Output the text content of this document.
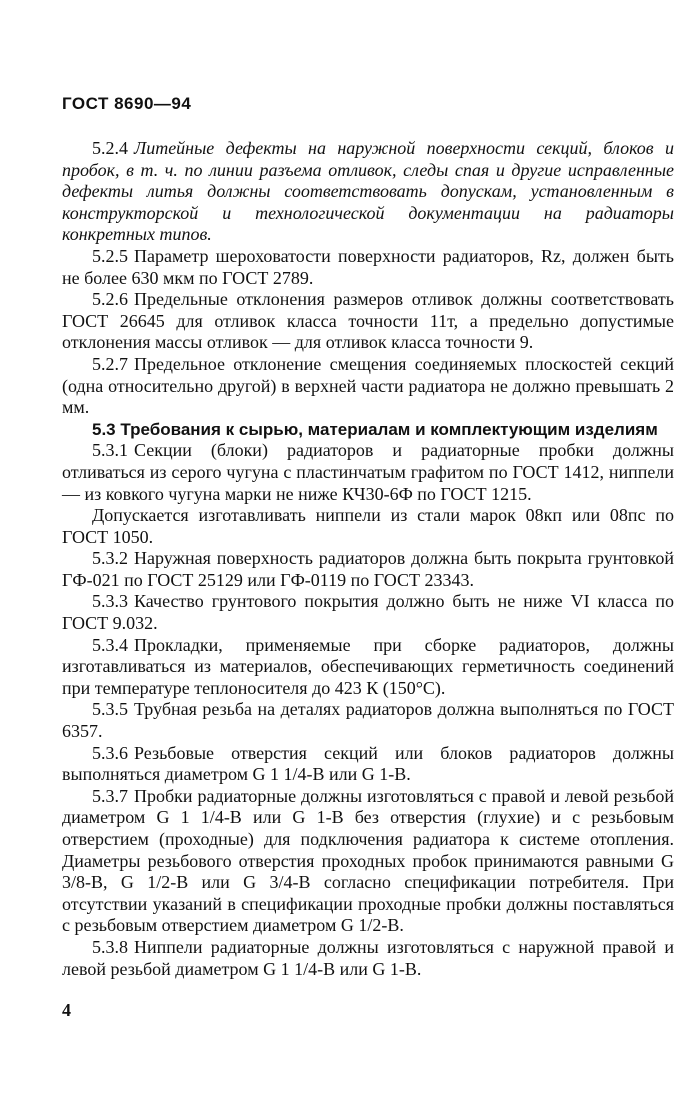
ГОСТ 8690—94

5.2.4 Литейные дефекты на наружной поверхности секций, блоков и пробок, в т. ч. по линии разъема отливок, следы спая и другие исправленные дефекты литья должны соответствовать допускам, установленным в конструкторской и технологической документации на радиаторы конкретных типов.

5.2.5 Параметр шероховатости поверхности радиаторов, Rz, должен быть не более 630 мкм по ГОСТ 2789.

5.2.6 Предельные отклонения размеров отливок должны соответствовать ГОСТ 26645 для отливок класса точности 11т, а предельно допустимые отклонения массы отливок — для отливок класса точности 9.

5.2.7 Предельное отклонение смещения соединяемых плоскостей секций (одна относительно другой) в верхней части радиатора не должно превышать 2 мм.

5.3 Требования к сырью, материалам и комплектующим изделиям

5.3.1 Секции (блоки) радиаторов и радиаторные пробки должны отливаться из серого чугуна с пластинчатым графитом по ГОСТ 1412, ниппели — из ковкого чугуна марки не ниже КЧ30-6Ф по ГОСТ 1215.

Допускается изготавливать ниппели из стали марок 08кп или 08пс по ГОСТ 1050.

5.3.2 Наружная поверхность радиаторов должна быть покрыта грунтовкой ГФ-021 по ГОСТ 25129 или ГФ-0119 по ГОСТ 23343.

5.3.3 Качество грунтового покрытия должно быть не ниже VI класса по ГОСТ 9.032.

5.3.4 Прокладки, применяемые при сборке радиаторов, должны изготавливаться из материалов, обеспечивающих герметичность соединений при температуре теплоносителя до 423 К (150°С).

5.3.5 Трубная резьба на деталях радиаторов должна выполняться по ГОСТ 6357.

5.3.6 Резьбовые отверстия секций или блоков радиаторов должны выполняться диаметром G 1 1/4-В или G 1-В.

5.3.7 Пробки радиаторные должны изготовляться с правой и левой резьбой диаметром G 1 1/4-В или G 1-В без отверстия (глухие) и с резьбовым отверстием (проходные) для подключения радиатора к системе отопления. Диаметры резьбового отверстия проходных пробок принимаются равными G 3/8-В, G 1/2-В или G 3/4-В согласно спецификации потребителя. При отсутствии указаний в спецификации проходные пробки должны поставляться с резьбовым отверстием диаметром G 1/2-В.

5.3.8 Ниппели радиаторные должны изготовляться с наружной правой и левой резьбой диаметром G 1 1/4-В или G 1-В.

4
